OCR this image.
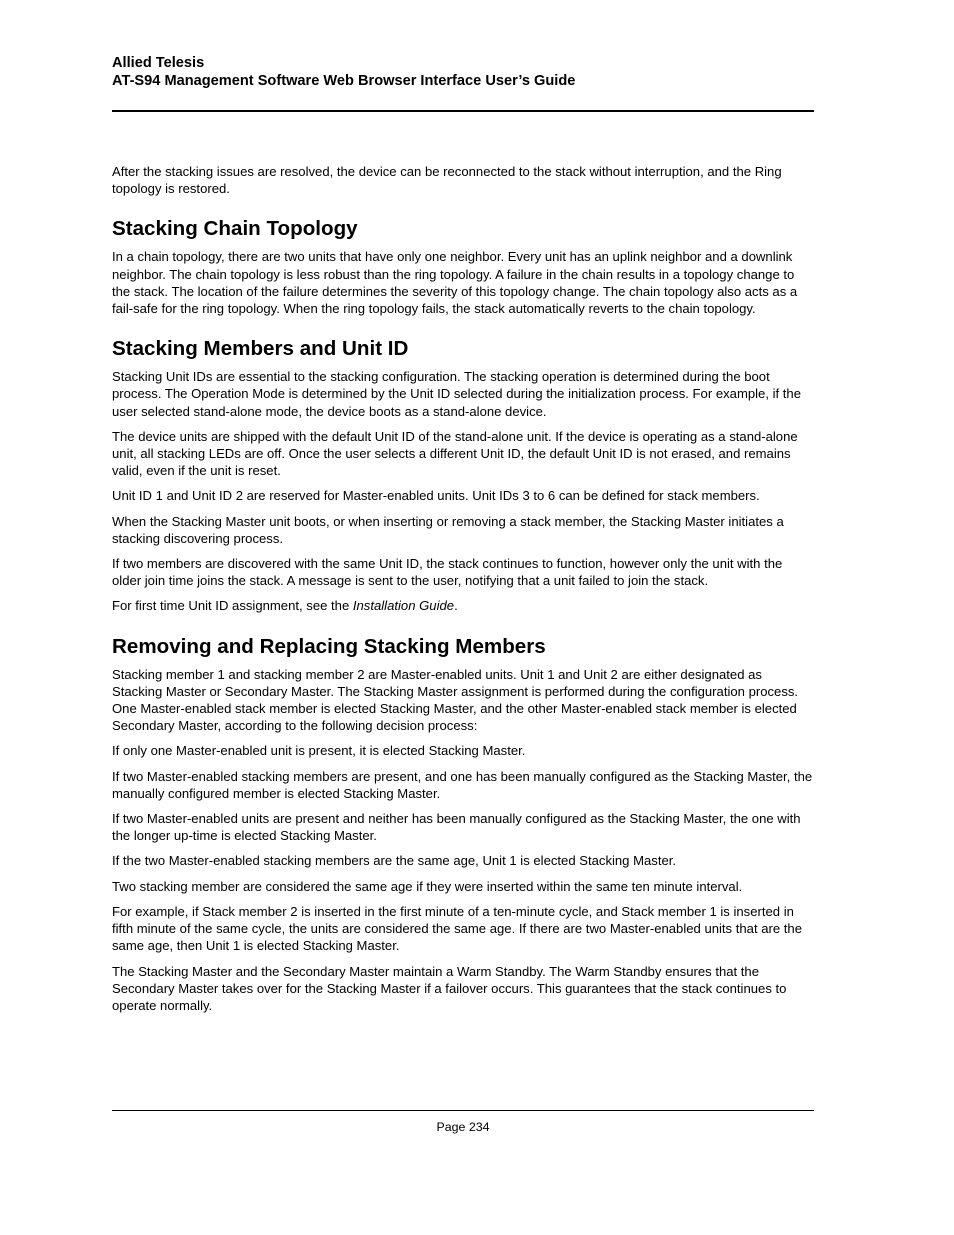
Allied Telesis
AT-S94 Management Software Web Browser Interface User’s Guide

After the stacking issues are resolved, the device can be reconnected to the stack without interruption, and the Ring topology is restored.

Stacking Chain Topology

In a chain topology, there are two units that have only one neighbor. Every unit has an uplink neighbor and a downlink neighbor. The chain topology is less robust than the ring topology. A failure in the chain results in a topology change to the stack. The location of the failure determines the severity of this topology change. The chain topology also acts as a fail-safe for the ring topology. When the ring topology fails, the stack automatically reverts to the chain topology.

Stacking Members and Unit ID

Stacking Unit IDs are essential to the stacking configuration. The stacking operation is determined during the boot process. The Operation Mode is determined by the Unit ID selected during the initialization process. For example, if the user selected stand-alone mode, the device boots as a stand-alone device.

The device units are shipped with the default Unit ID of the stand-alone unit. If the device is operating as a stand-alone unit, all stacking LEDs are off. Once the user selects a different Unit ID, the default Unit ID is not erased, and remains valid, even if the unit is reset.

Unit ID 1 and Unit ID 2 are reserved for Master-enabled units. Unit IDs 3 to 6 can be defined for stack members.

When the Stacking Master unit boots, or when inserting or removing a stack member, the Stacking Master initiates a stacking discovering process.

If two members are discovered with the same Unit ID, the stack continues to function, however only the unit with the older join time joins the stack. A message is sent to the user, notifying that a unit failed to join the stack.

For first time Unit ID assignment, see the Installation Guide.

Removing and Replacing Stacking Members

Stacking member 1 and stacking member 2 are Master-enabled units. Unit 1 and Unit 2 are either designated as Stacking Master or Secondary Master. The Stacking Master assignment is performed during the configuration process. One Master-enabled stack member is elected Stacking Master, and the other Master-enabled stack member is elected Secondary Master, according to the following decision process:

If only one Master-enabled unit is present, it is elected Stacking Master.

If two Master-enabled stacking members are present, and one has been manually configured as the Stacking Master, the manually configured member is elected Stacking Master.

If two Master-enabled units are present and neither has been manually configured as the Stacking Master, the one with the longer up-time is elected Stacking Master.

If the two Master-enabled stacking members are the same age, Unit 1 is elected Stacking Master.

Two stacking member are considered the same age if they were inserted within the same ten minute interval.

For example, if Stack member 2 is inserted in the first minute of a ten-minute cycle, and Stack member 1 is inserted in fifth minute of the same cycle, the units are considered the same age. If there are two Master-enabled units that are the same age, then Unit 1 is elected Stacking Master.

The Stacking Master and the Secondary Master maintain a Warm Standby. The Warm Standby ensures that the Secondary Master takes over for the Stacking Master if a failover occurs. This guarantees that the stack continues to operate normally.

Page 234
